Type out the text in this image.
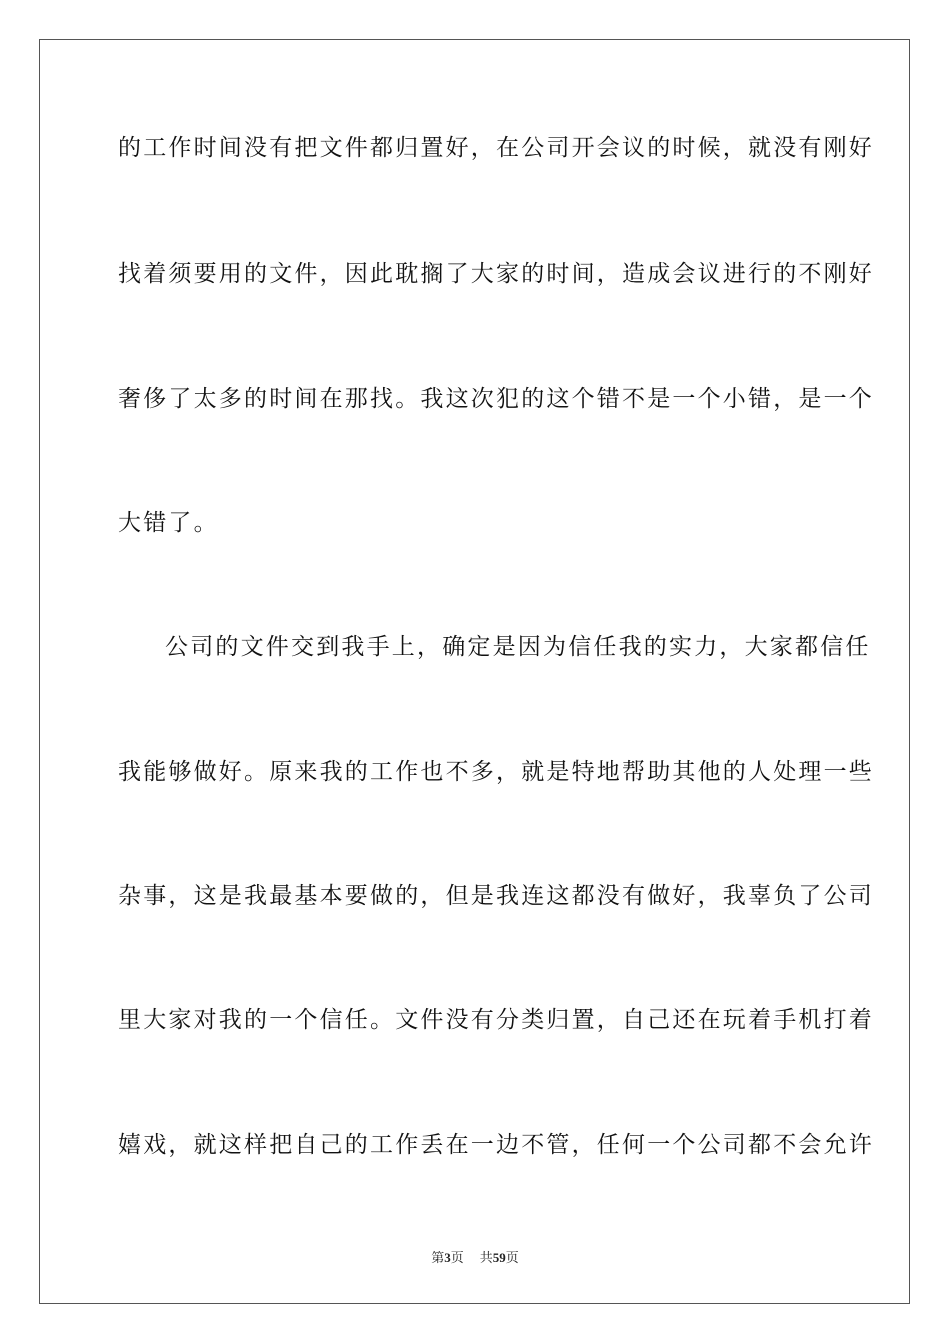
的工作时间没有把文件都归置好，在公司开会议的时候，就没有刚好
找着须要用的文件，因此耽搁了大家的时间，造成会议进行的不刚好
奢侈了太多的时间在那找。我这次犯的这个错不是一个小错，是一个
大错了。
公司的文件交到我手上，确定是因为信任我的实力，大家都信任
我能够做好。原来我的工作也不多，就是特地帮助其他的人处理一些
杂事，这是我最基本要做的，但是我连这都没有做好，我辜负了公司
里大家对我的一个信任。文件没有分类归置，自己还在玩着手机打着
嬉戏，就这样把自己的工作丢在一边不管，任何一个公司都不会允许
第3页 共59页
